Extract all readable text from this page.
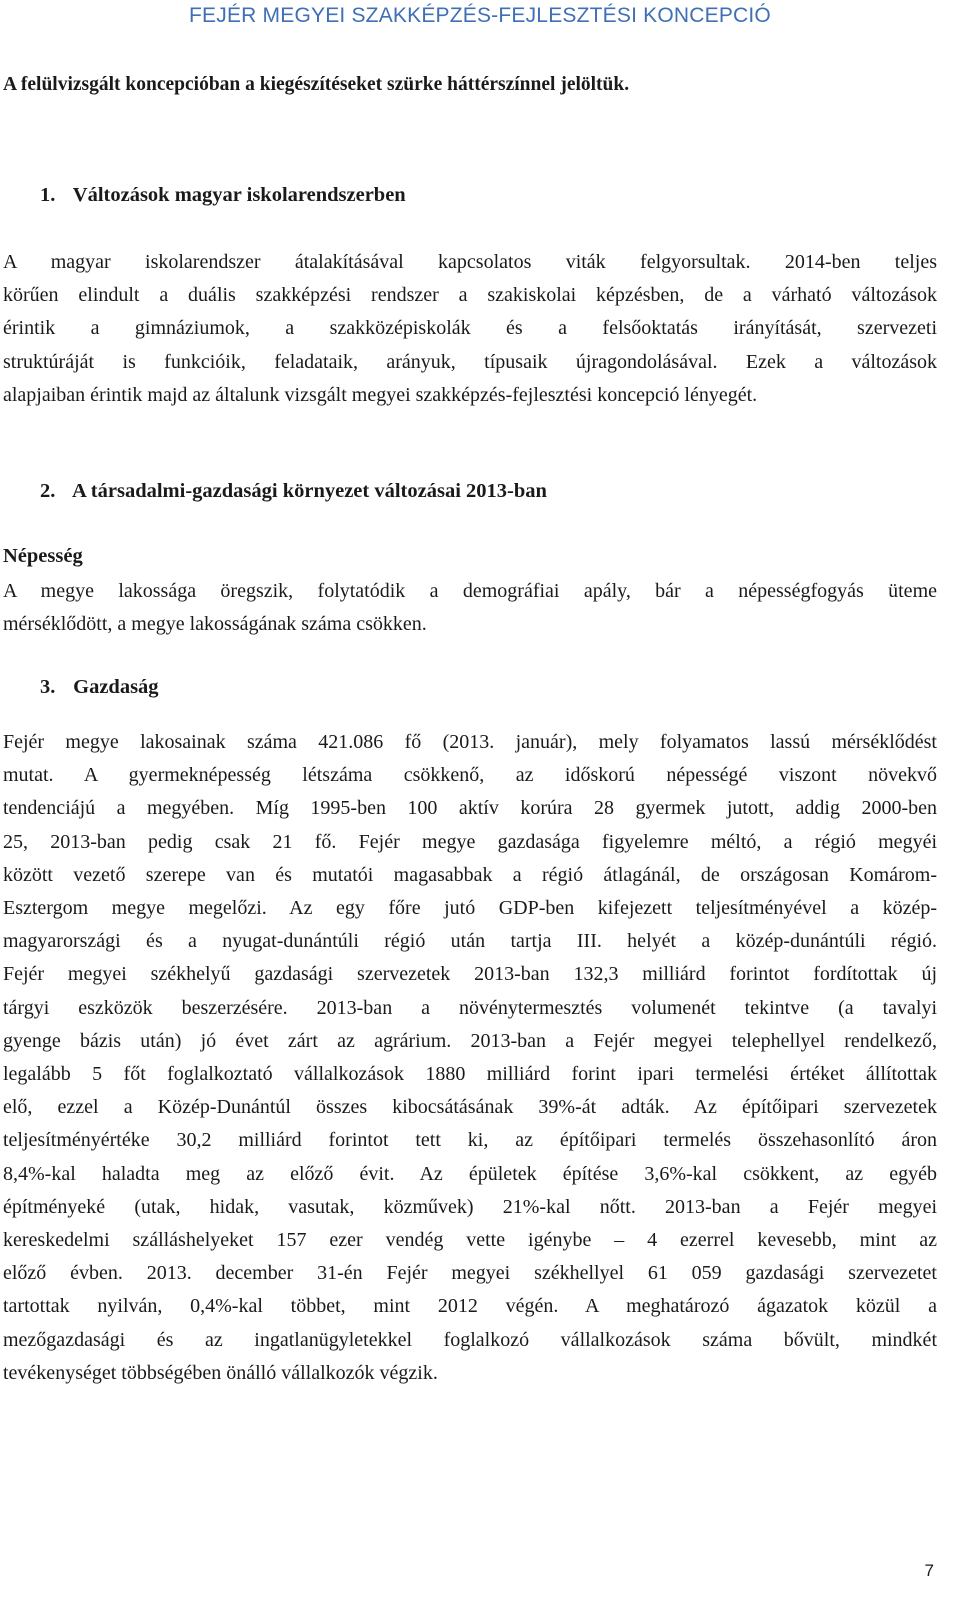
FEJÉR MEGYEI SZAKKÉPZÉS-FEJLESZTÉSI KONCEPCIÓ
A felülvizsgált koncepcióban a kiegészítéseket szürke háttérszínnel jelöltük.
1. Változások magyar iskolarendszerben
A magyar iskolarendszer átalakításával kapcsolatos viták felgyorsultak. 2014-ben teljes
körűen elindult a duális szakképzési rendszer a szakiskolai képzésben, de a várható változások
érintik a gimnáziumok, a szakközépiskolák és a felsőoktatás irányítását, szervezeti
struktúráját is funkcióik, feladataik, arányuk, típusaik újragondolásával. Ezek a változások
alapjaiban érintik majd az általunk vizsgált megyei szakképzés-fejlesztési koncepció lényegét.
2. A társadalmi-gazdasági környezet változásai 2013-ban
Népesség
A megye lakossága öregszik, folytatódik a demográfiai apály, bár a népességfogyás üteme
mérséklődött, a megye lakosságának száma csökken.
3. Gazdaság
Fejér megye lakosainak száma 421.086 fő (2013. január), mely folyamatos lassú mérséklődést
mutat. A gyermeknépesség létszáma csökkenő, az időskorú népességé viszont növekvő
tendenciájú a megyében. Míg 1995-ben 100 aktív korúra 28 gyermek jutott, addig 2000-ben
25, 2013-ban pedig csak 21 fő. Fejér megye gazdasága figyelemre méltó, a régió megyéi
között vezető szerepe van és mutatói magasabbak a régió átlagánál, de országosan Komárom-
Esztergom megye megelőzi. Az egy főre jutó GDP-ben kifejezett teljesítményével a közép-
magyarországi és a nyugat-dunántúli régió után tartja III. helyét a közép-dunántúli régió.
Fejér megyei székhelyű gazdasági szervezetek 2013-ban 132,3 milliárd forintot fordítottak új
tárgyi eszközök beszerzésére. 2013-ban a növénytermesztés volumenét tekintve (a tavalyi
gyenge bázis után) jó évet zárt az agrárium. 2013-ban a Fejér megyei telephellyel rendelkező,
legalább 5 főt foglalkoztató vállalkozások 1880 milliárd forint ipari termelési értéket állítottak
elő, ezzel a Közép-Dunántúl összes kibocsátásának 39%-át adták. Az építőipari szervezetek
teljesítményértéke 30,2 milliárd forintot tett ki, az építőipari termelés összehasonlító áron
8,4%-kal haladta meg az előző évit. Az épületek építése 3,6%-kal csökkent, az egyéb
építményeké (utak, hidak, vasutak, közművek) 21%-kal nőtt. 2013-ban a Fejér megyei
kereskedelmi szálláshelyeket 157 ezer vendég vette igénybe – 4 ezerrel kevesebb, mint az
előző évben. 2013. december 31-én Fejér megyei székhellyel 61 059 gazdasági szervezetet
tartottak nyilván, 0,4%-kal többet, mint 2012 végén. A meghatározó ágazatok közül a
mezőgazdasági és az ingatlanügyletekkel foglalkozó vállalkozások száma bővült, mindkét
tevékenységet többségében önálló vállalkozók végzik.
7
